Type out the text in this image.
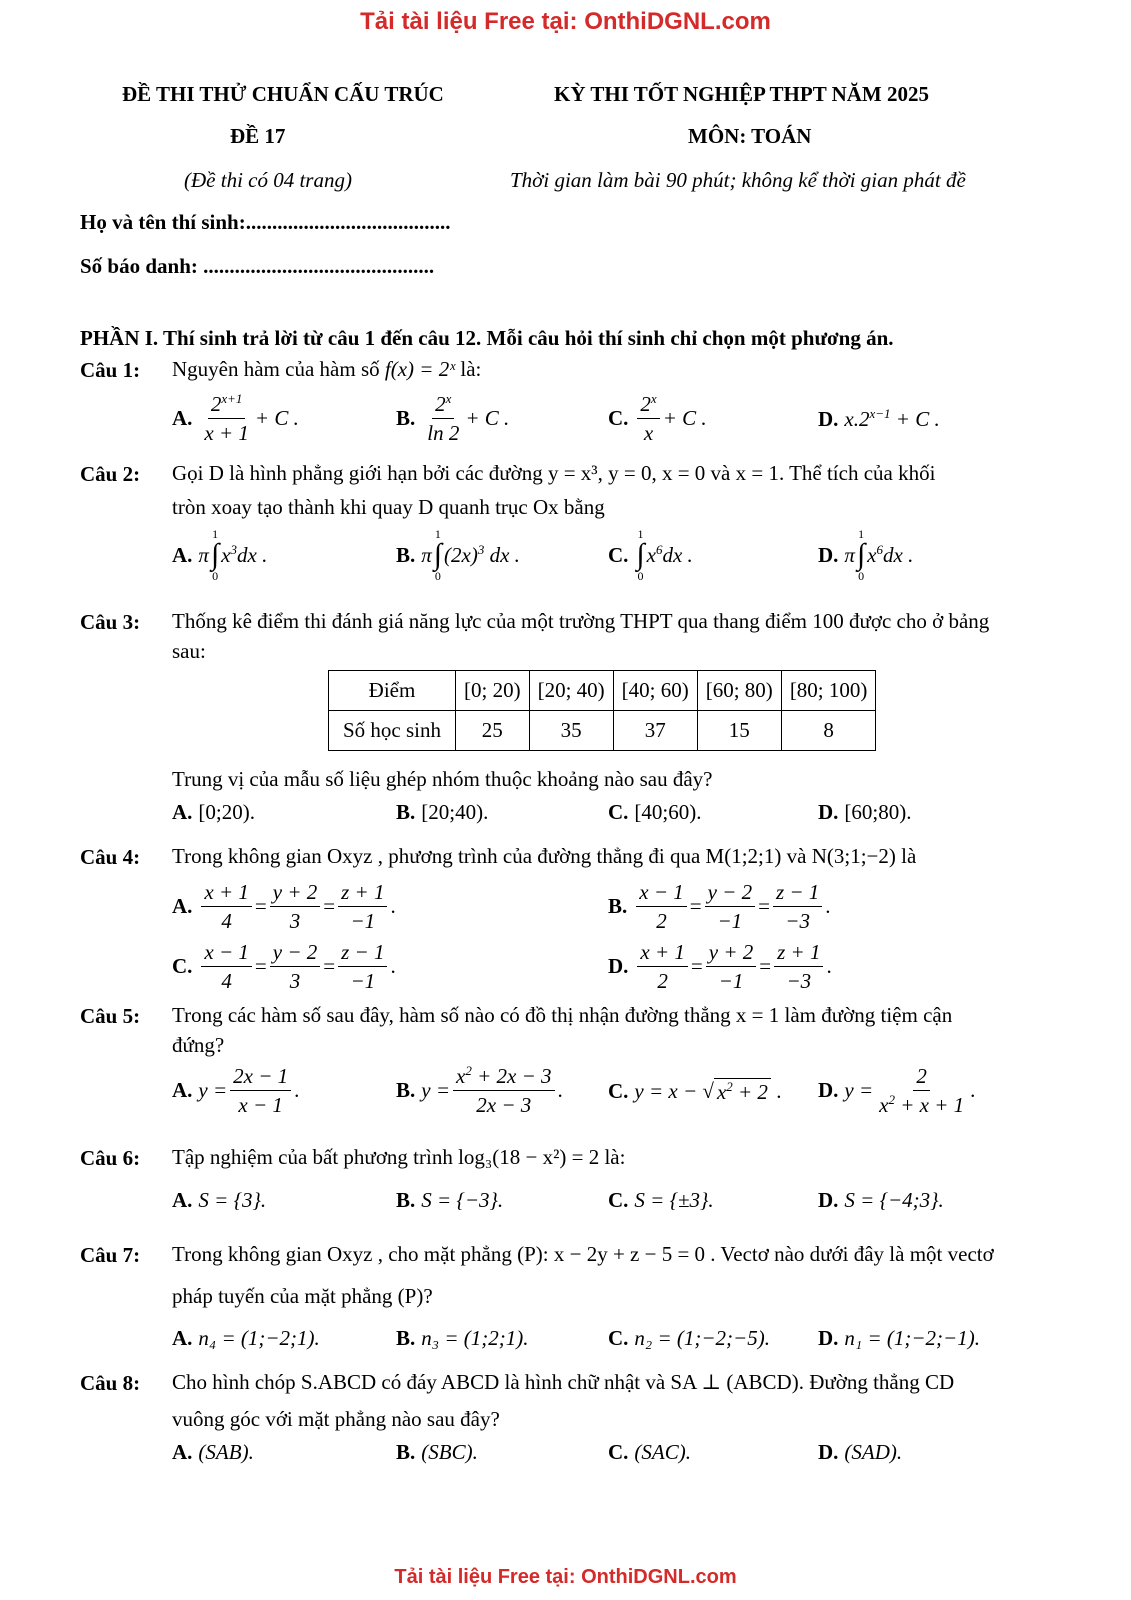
Tải tài liệu Free tại: OnthiDGNL.com
ĐỀ THI THỬ CHUẨN CẤU TRÚC	KỲ THI TỐT NGHIỆP THPT NĂM 2025
ĐỀ 17	MÔN: TOÁN
(Đề thi có 04 trang)	Thời gian làm bài 90 phút; không kể thời gian phát đề
Họ và tên thí sinh:.......................................
Số báo danh: ............................................
PHẦN I. Thí sinh trả lời từ câu 1 đến câu 12. Mỗi câu hỏi thí sinh chỉ chọn một phương án.
Câu 1: Nguyên hàm của hàm số f(x) = 2ˣ là:
A. $\frac{2^{x+1}}{x + 1} + C$ .	B. $\frac{2^x}{\ln 2} + C$ .	C. $\frac{2^x}{x} + C$ .	D. $x.2^{x-1} + C$ .
Câu 2: Gọi D là hình phẳng giới hạn bởi các đường y = x³, y = 0, x = 0 và x = 1. Thể tích của khối
tròn xoay tạo thành khi quay D quanh trục Ox bằng
A. π
1
∫
0
$x^3dx$ .	B. π
1
∫
0
$(2x)^3$ dx .	C.
1
∫
0
$x^6dx$ .	D. π
1
∫
0
$x^6dx$ .
Câu 3: Thống kê điểm thi đánh giá năng lực của một trường THPT qua thang điểm 100 được cho ở bảng
sau:
Điểm	[0; 20)	[20; 40)	[40; 60)	[60; 80)	[80; 100)
Số học sinh	25	35	37	15	8
Trung vị của mẫu số liệu ghép nhóm thuộc khoảng nào sau đây?
A. [0;20).	B. [20;40).	C. [40;60).	D. [60;80).
Câu 4: Trong không gian Oxyz , phương trình của đường thẳng đi qua M(1;2;1) và N(3;1;−2) là
A. $\frac{x + 1}{4} = \frac{y + 2}{3} = \frac{z + 1}{-1}$ .	B. $\frac{x - 1}{2} = \frac{y - 2}{-1} = \frac{z - 1}{-3}$ .
C. $\frac{x - 1}{4} = \frac{y - 2}{3} = \frac{z - 1}{-1}$ .	D. $\frac{x + 1}{2} = \frac{y + 2}{-1} = \frac{z + 1}{-3}$ .
Câu 5: Trong các hàm số sau đây, hàm số nào có đồ thị nhận đường thẳng x = 1 làm đường tiệm cận
đứng?
A. $y = \frac{2x - 1}{x - 1}$ .	B. $y = \frac{x^2 + 2x - 3}{2x - 3}$ . C. y = x − √ $x^2 + 2$ . D. $y = \frac{2}{x^2 + x + 1}$ .
Câu 6: Tập nghiệm của bất phương trình log₃(18 − x²) = 2 là:
A. S = {3}.	B. S = {−3}.	C. S = {±3}.	D. S = {−4;3}.
Câu 7: Trong không gian Oxyz , cho mặt phẳng (P): x − 2y + z − 5 = 0 . Vectơ nào dưới đây là một vectơ
pháp tuyến của mặt phẳng (P)?
A. n₄ = (1;−2;1).	B. n₃ = (1;2;1).	C. n₂ = (1;−2;−5). D. n₁ = (1;−2;−1).
Câu 8: Cho hình chóp S.ABCD có đáy ABCD là hình chữ nhật và SA ⊥ (ABCD). Đường thẳng CD
vuông góc với mặt phẳng nào sau đây?
A. (SAB).	B. (SBC).	C. (SAC).	D. (SAD).
Tải tài liệu Free tại: OnthiDGNL.com
